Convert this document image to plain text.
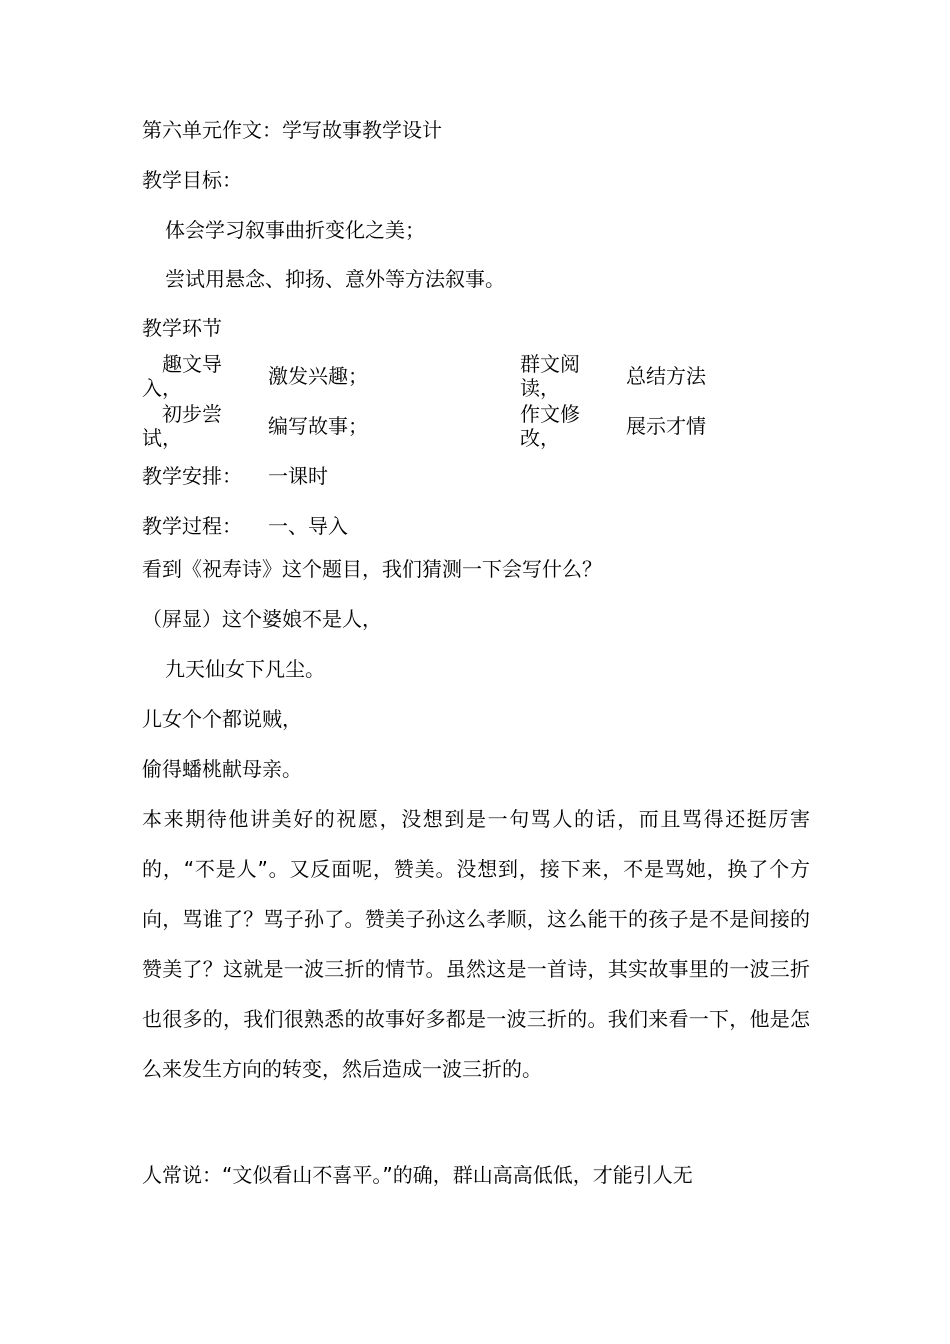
第六单元作文：学写故事教学设计
教学目标：
体会学习叙事曲折变化之美；
尝试用悬念、抑扬、意外等方法叙事。
教学环节
趣文导入，	激发兴趣；	群文阅读，	总结方法
初步尝试，	编写故事；	作文修改，	展示才情
教学安排： 一课时
教学过程： 一、导入
看到《祝寿诗》这个题目，我们猜测一下会写什么？
（屏显）这个婆娘不是人，
九天仙女下凡尘。
儿女个个都说贼，
偷得蟠桃献母亲。
本来期待他讲美好的祝愿，没想到是一句骂人的话，而且骂得还挺厉害的，“不是人”。又反面呢，赞美。没想到，接下来，不是骂她，换了个方向，骂谁了？骂子孙了。赞美子孙这么孝顺，这么能干的孩子是不是间接的赞美了？这就是一波三折的情节。虽然这是一首诗，其实故事里的一波三折也很多的，我们很熟悉的故事好多都是一波三折的。我们来看一下，他是怎么来发生方向的转变，然后造成一波三折的。
人常说：“文似看山不喜平。”的确，群山高高低低，才能引人无
